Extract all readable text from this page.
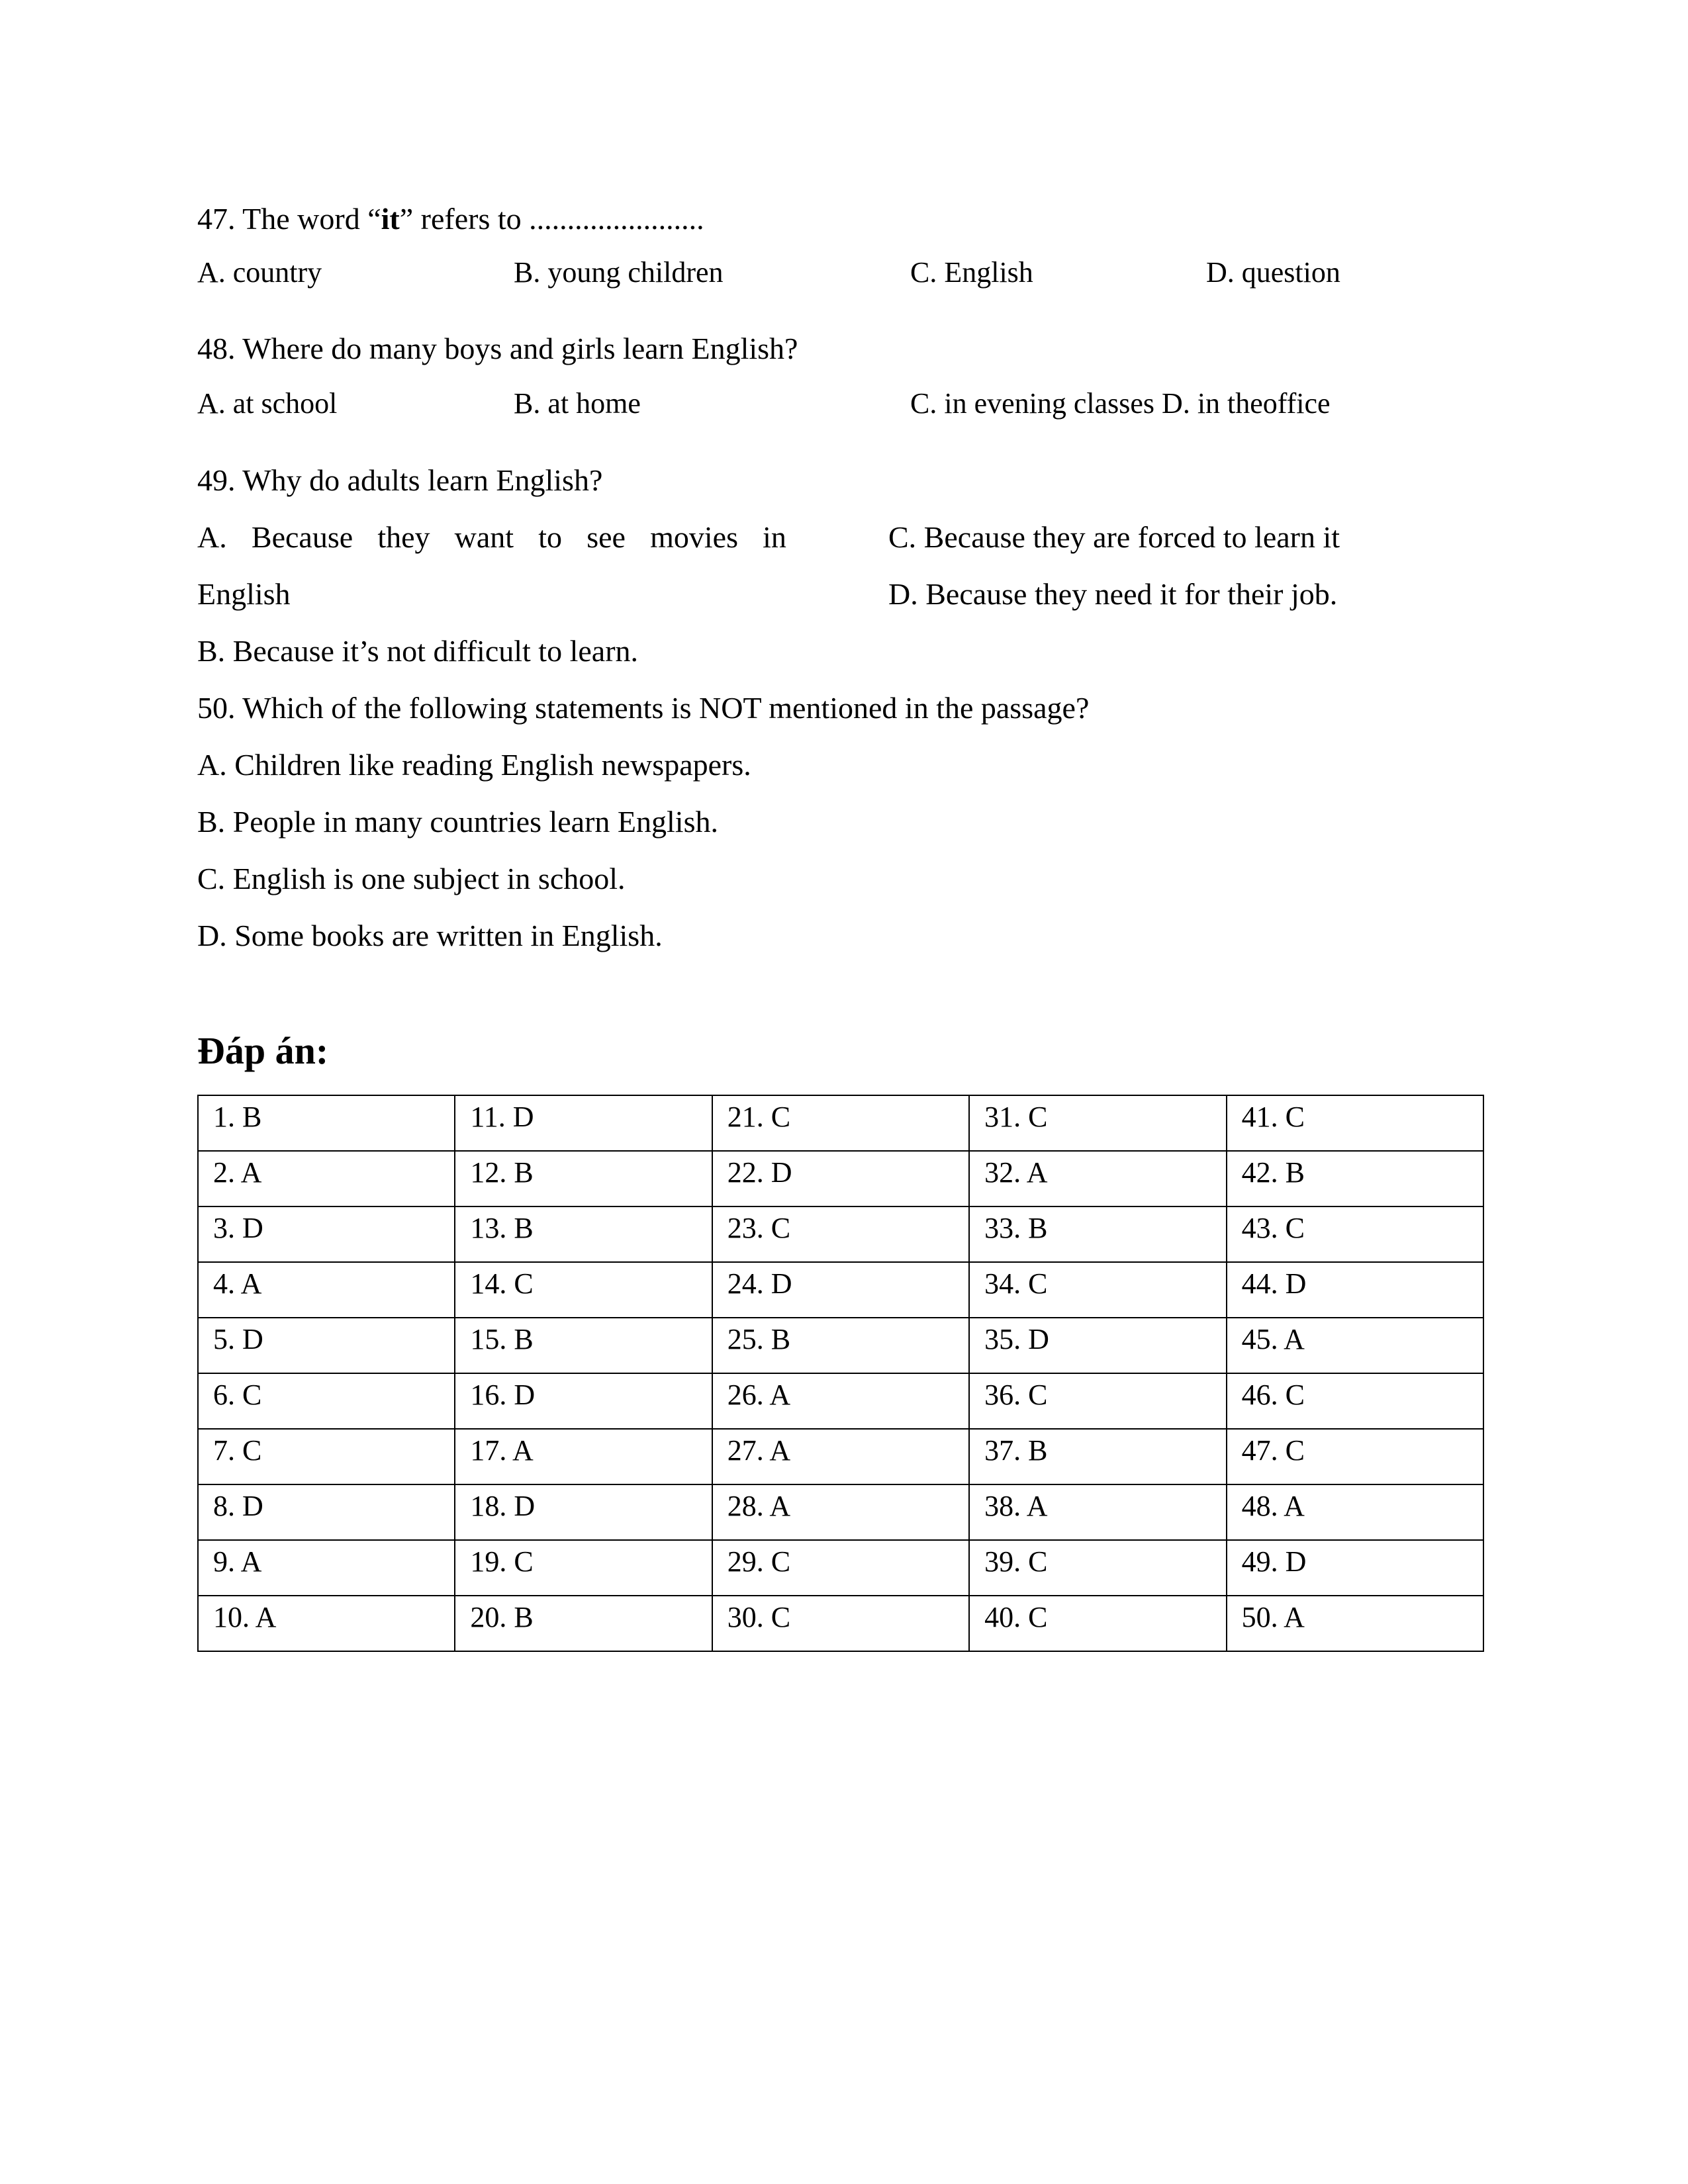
47. The word “it” refers to .......................
A. country	B. young children	C. English	D. question
48. Where do many boys and girls learn English?
A. at school	B. at home	C. in evening classes D. in theoffice
49. Why do adults learn English?
A. Because they want to see movies in
English
C. Because they are forced to learn it
D. Because they need it for their job.
B. Because it’s not difficult to learn.
50. Which of the following statements is NOT mentioned in the passage?
A. Children like reading English newspapers.
B. People in many countries learn English.
C. English is one subject in school.
D. Some books are written in English.
Đáp án:
1. B	11. D	21. C	31. C	41. C
2. A	12. B	22. D	32. A	42. B
3. D	13. B	23. C	33. B	43. C
4. A	14. C	24. D	34. C	44. D
5. D	15. B	25. B	35. D	45. A
6. C	16. D	26. A	36. C	46. C
7. C	17. A	27. A	37. B	47. C
8. D	18. D	28. A	38. A	48. A
9. A	19. C	29. C	39. C	49. D
10. A	20. B	30. C	40. C	50. A
